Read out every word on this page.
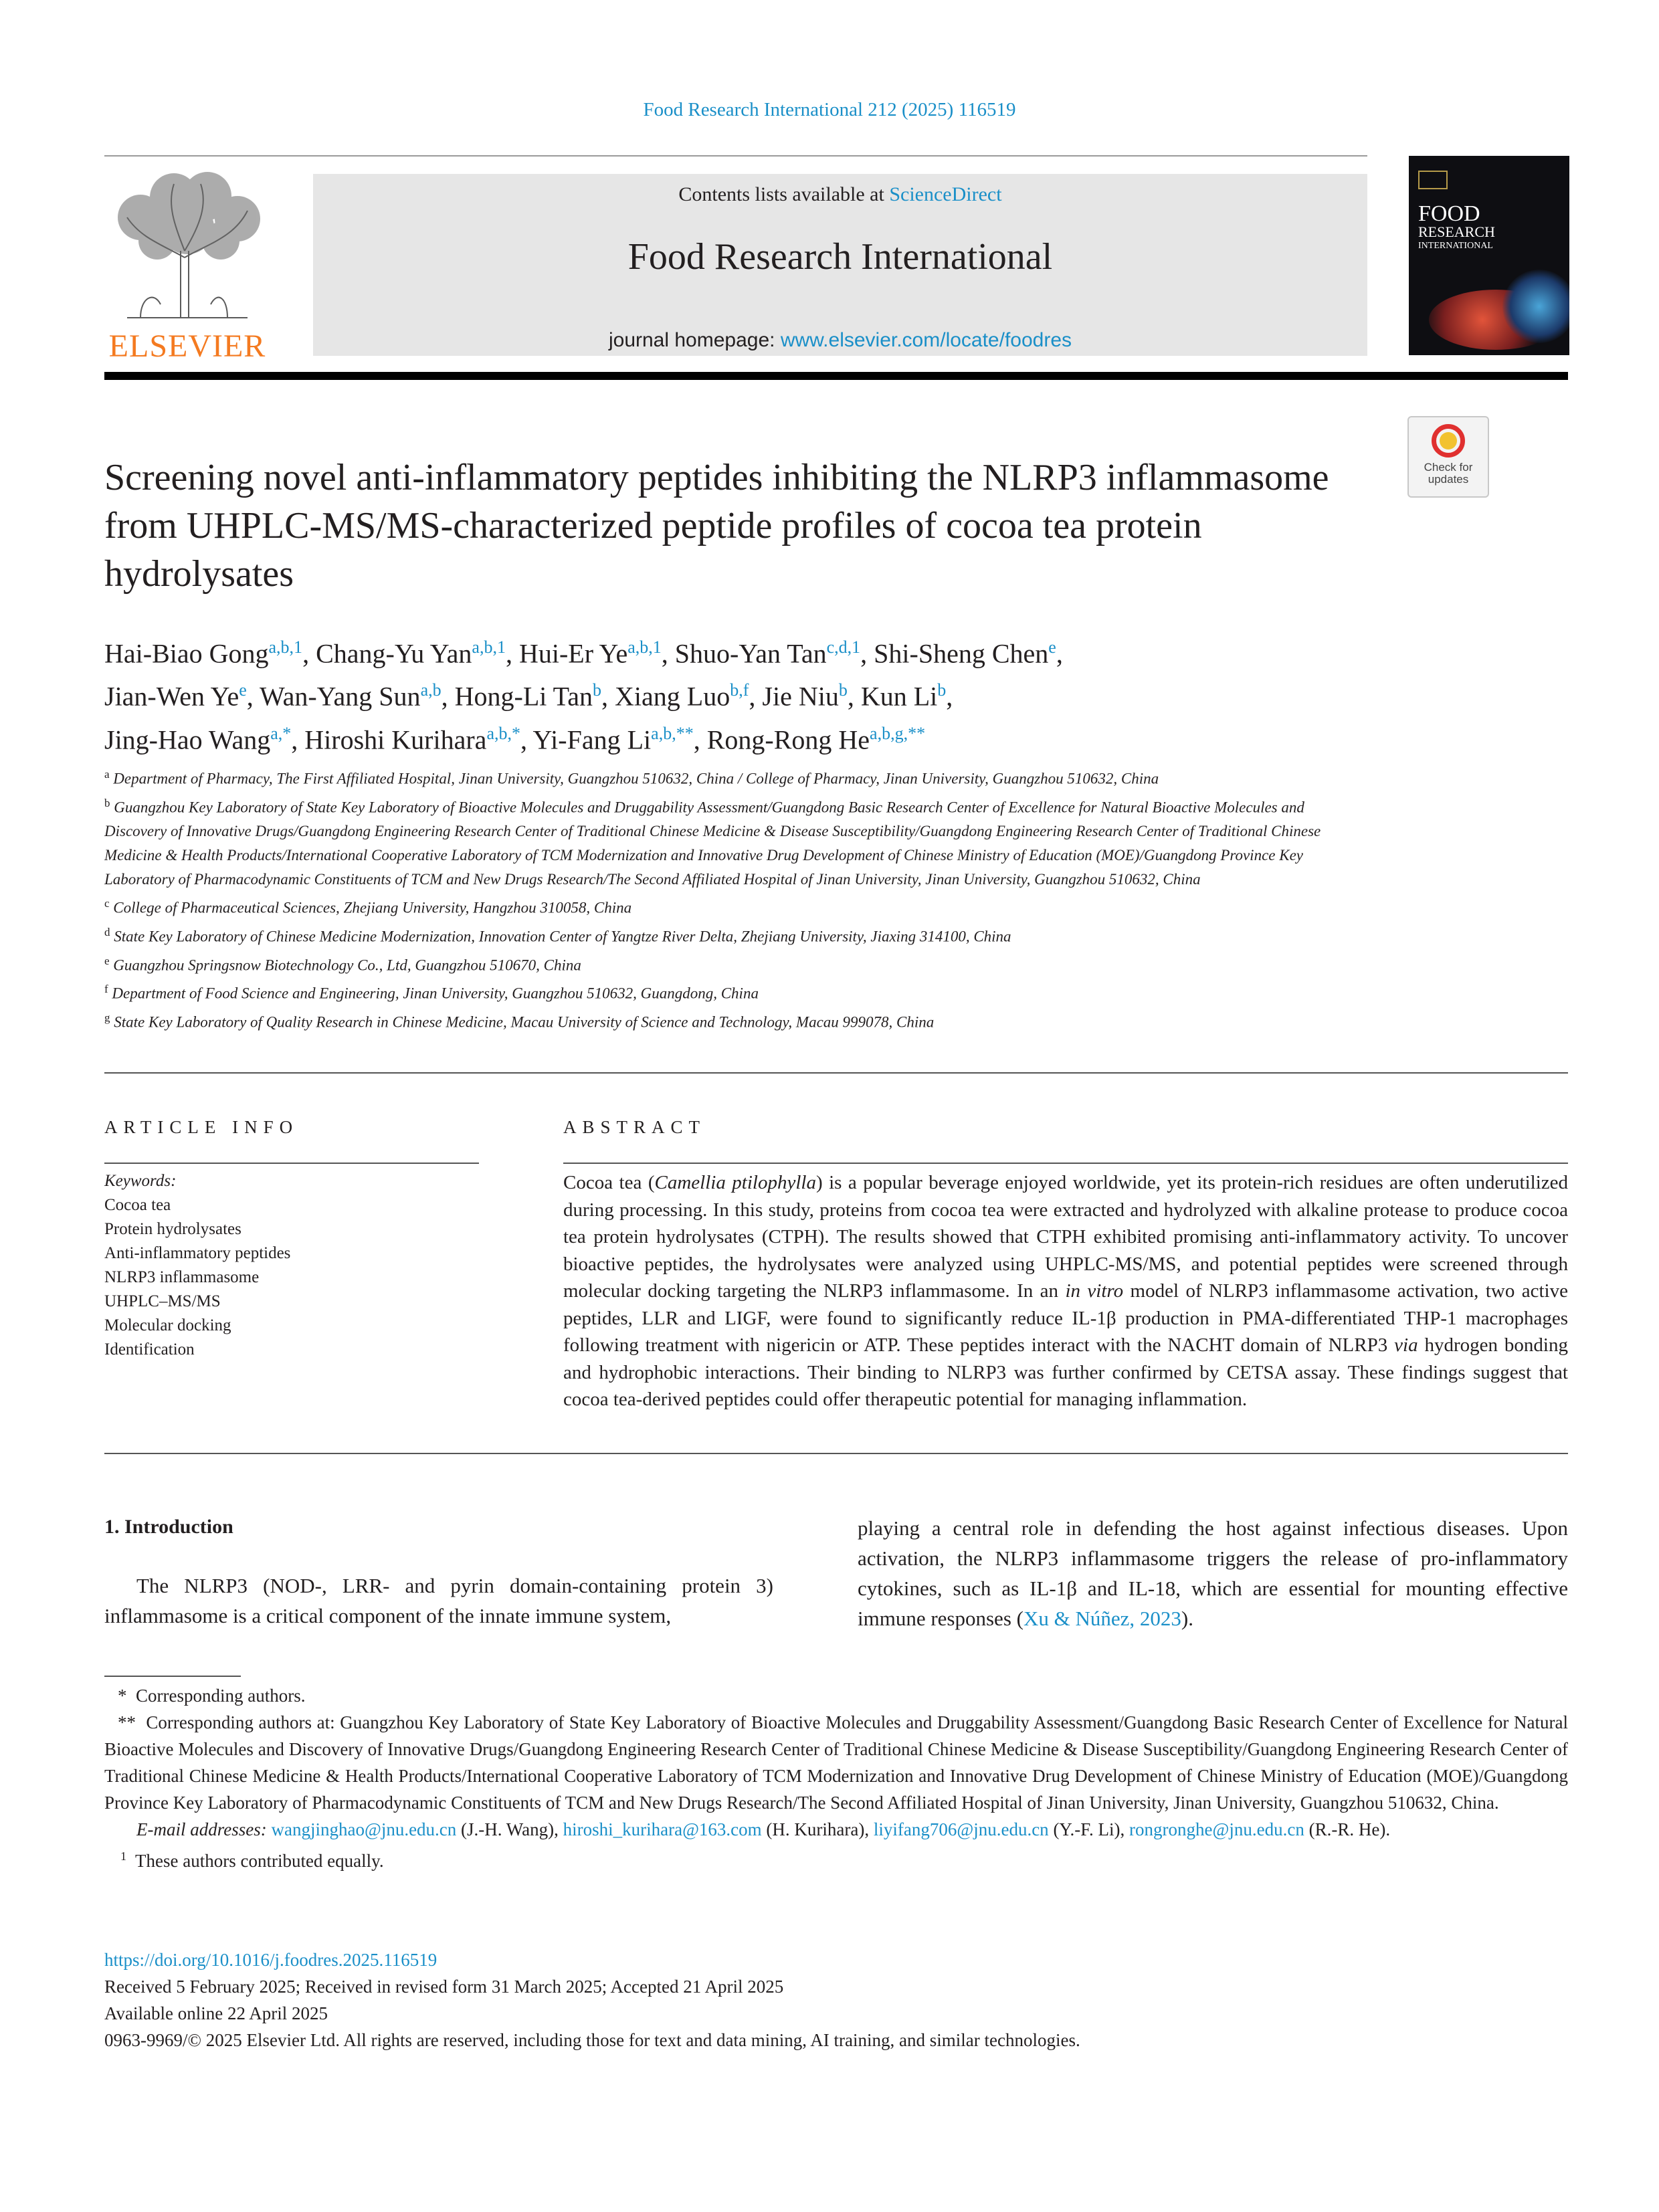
Food Research International 212 (2025) 116519
ELSEVIER
Contents lists available at ScienceDirect
Food Research International
journal homepage: www.elsevier.com/locate/foodres
FOOD
RESEARCH
INTERNATIONAL
Check for
updates
Screening novel anti-inflammatory peptides inhibiting the NLRP3 inflammasome from UHPLC-MS/MS-characterized peptide profiles of cocoa tea protein hydrolysates
Hai-Biao Gong$^{a,b,1}$, Chang-Yu Yan$^{a,b,1}$, Hui-Er Ye$^{a,b,1}$, Shuo-Yan Tan$^{c,d,1}$, Shi-Sheng Chen$^e$,
Jian-Wen Ye$^e$, Wan-Yang Sun$^{a,b}$, Hong-Li Tan$^b$, Xiang Luo$^{b,f}$, Jie Niu$^b$, Kun Li$^b$,
Jing-Hao Wang$^{a,*}$, Hiroshi Kurihara$^{a,b,*}$, Yi-Fang $Li^{a,b,**}$, Rong-Rong $He^{a,b,g,**}$
$^a$ Department of Pharmacy, The First Affiliated Hospital, Jinan University, Guangzhou 510632, China / College of Pharmacy, Jinan University, Guangzhou 510632, China
$^b$ Guangzhou Key Laboratory of State Key Laboratory of Bioactive Molecules and Druggability Assessment/Guangdong Basic Research Center of Excellence for Natural Bioactive Molecules and Discovery of Innovative Drugs/Guangdong Engineering Research Center of Traditional Chinese Medicine & Disease Susceptibility/Guangdong Engineering Research Center of Traditional Chinese Medicine & Health Products/International Cooperative Laboratory of TCM Modernization and Innovative Drug Development of Chinese Ministry of Education (MOE)/Guangdong Province Key Laboratory of Pharmacodynamic Constituents of TCM and New Drugs Research/The Second Affiliated Hospital of Jinan University, Jinan University, Guangzhou 510632, China
$^c$ College of Pharmaceutical Sciences, Zhejiang University, Hangzhou 310058, China
$^d$ State Key Laboratory of Chinese Medicine Modernization, Innovation Center of Yangtze River Delta, Zhejiang University, Jiaxing 314100, China
$^e$ Guangzhou Springsnow Biotechnology Co., Ltd, Guangzhou 510670, China
$^f$ Department of Food Science and Engineering, Jinan University, Guangzhou 510632, Guangdong, China
$^g$ State Key Laboratory of Quality Research in Chinese Medicine, Macau University of Science and Technology, Macau 999078, China
ARTICLE INFO
Keywords:
Cocoa tea
Protein hydrolysates
Anti-inflammatory peptides
NLRP3 inflammasome
UHPLC–MS/MS
Molecular docking
Identification
ABSTRACT
Cocoa tea (Camellia ptilophylla) is a popular beverage enjoyed worldwide, yet its protein-rich residues are often underutilized during processing. In this study, proteins from cocoa tea were extracted and hydrolyzed with alkaline protease to produce cocoa tea protein hydrolysates (CTPH). The results showed that CTPH exhibited promising anti-inflammatory activity. To uncover bioactive peptides, the hydrolysates were analyzed using UHPLC-MS/MS, and potential peptides were screened through molecular docking targeting the NLRP3 inflammasome. In an in vitro model of NLRP3 inflammasome activation, two active peptides, LLR and LIGF, were found to significantly reduce IL-1β production in PMA-differentiated THP-1 macrophages following treatment with nigericin or ATP. These peptides interact with the NACHT domain of NLRP3 via hydrogen bonding and hydrophobic interactions. Their binding to NLRP3 was further confirmed by CETSA assay. These findings suggest that cocoa tea-derived peptides could offer therapeutic potential for managing inflammation.
1. Introduction
The NLRP3 (NOD-, LRR- and pyrin domain-containing protein 3) inflammasome is a critical component of the innate immune system,
playing a central role in defending the host against infectious diseases. Upon activation, the NLRP3 inflammasome triggers the release of pro-inflammatory cytokines, such as IL-1β and IL-18, which are essential for mounting effective immune responses (Xu & Núñez, 2023).
*  Corresponding authors.
**  Corresponding authors at: Guangzhou Key Laboratory of State Key Laboratory of Bioactive Molecules and Druggability Assessment/Guangdong Basic Research Center of Excellence for Natural Bioactive Molecules and Discovery of Innovative Drugs/Guangdong Engineering Research Center of Traditional Chinese Medicine & Disease Susceptibility/Guangdong Engineering Research Center of Traditional Chinese Medicine & Health Products/International Cooperative Laboratory of TCM Modernization and Innovative Drug Development of Chinese Ministry of Education (MOE)/Guangdong Province Key Laboratory of Pharmacodynamic Constituents of TCM and New Drugs Research/The Second Affiliated Hospital of Jinan University, Jinan University, Guangzhou 510632, China.
E-mail addresses: wangjinghao@jnu.edu.cn (J.-H. Wang), hiroshi_kurihara@163.com (H. Kurihara), liyifang706@jnu.edu.cn (Y.-F. Li), rongronghe@jnu.edu.cn (R.-R. He).
$^1$ These authors contributed equally.
https://doi.org/10.1016/j.foodres.2025.116519
Received 5 February 2025; Received in revised form 31 March 2025; Accepted 21 April 2025
Available online 22 April 2025
0963-9969/© 2025 Elsevier Ltd. All rights are reserved, including those for text and data mining, AI training, and similar technologies.
